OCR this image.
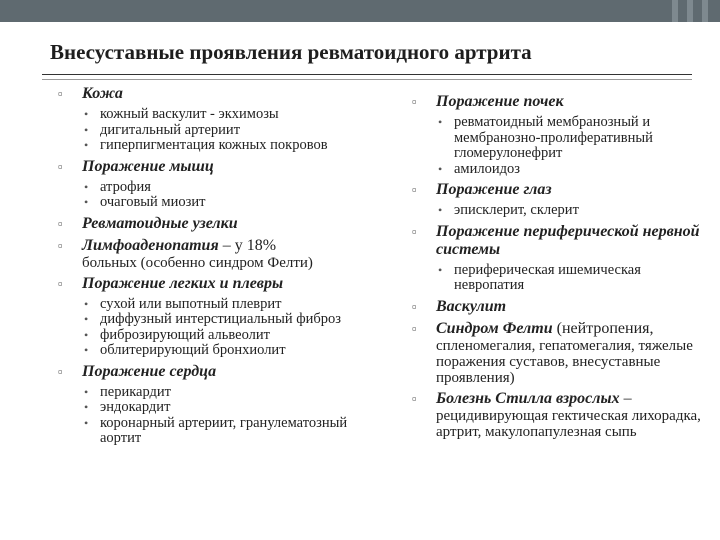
Внесуставные проявления ревматоидного артрита
▫ Кожа
• кожный васкулит - экхимозы
• дигитальный артериит
• гиперпигментация кожных покровов
▫ Поражение мышц
• атрофия
• очаговый миозит
▫ Ревматоидные узелки
▫ Лимфоаденопатия – у 18%
больных (особенно синдром Фелти)
▫ Поражение легких и плевры
• сухой или выпотный плеврит
• диффузный интерстициальный фиброз
• фиброзирующий альвеолит
• облитерирующий бронхиолит
▫ Поражение сердца
• перикардит
• эндокардит
• коронарный артериит, гранулематозный аортит
▫ Поражение почек
• ревматоидный мембранозный и мембранозно-пролиферативный гломерулонефрит
• амилоидоз
▫ Поражение глаз
• эписклерит, склерит
▫ Поражение периферической нервной системы
• периферическая ишемическая невропатия
▫ Васкулит
▫ Синдром Фелти (нейтропения,
спленомегалия, гепатомегалия, тяжелые поражения суставов, внесуставные проявления)
▫ Болезнь Стилла взрослых –
рецидивирующая гектическая лихорадка, артрит, макулопапулезная сыпь
